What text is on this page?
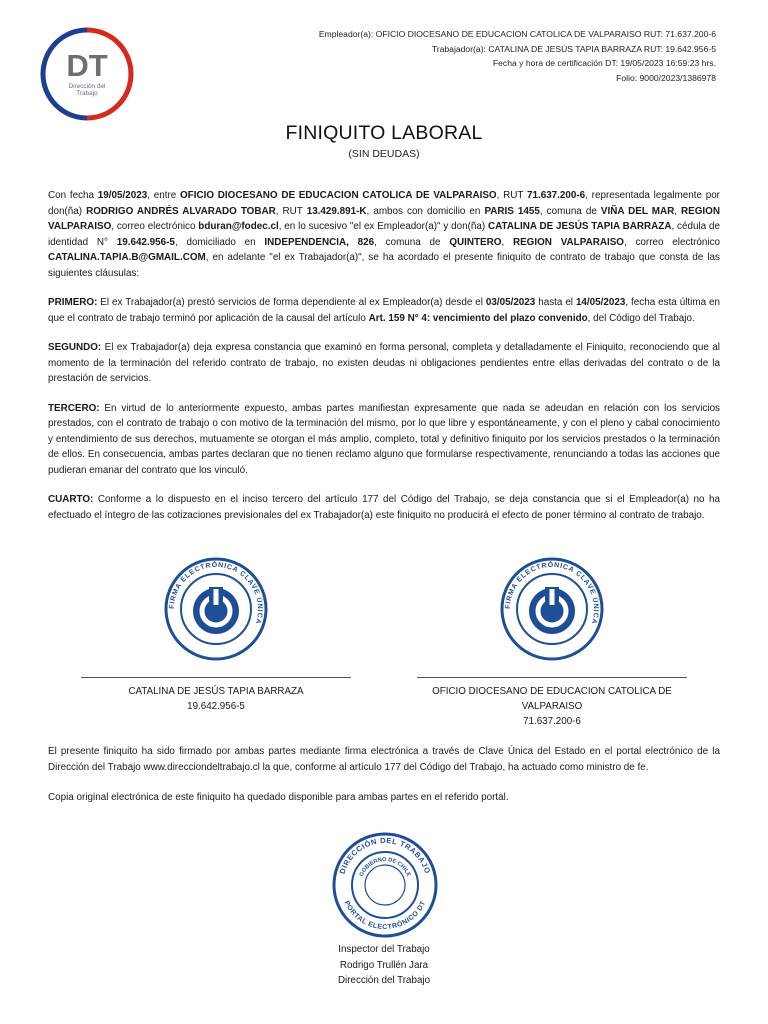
DT
Dirección del
Trabajo
Empleador(a): OFICIO DIOCESANO DE EDUCACION CATOLICA DE VALPARAISO RUT: 71.637.200-6
Trabajador(a): CATALINA DE JESÚS TAPIA BARRAZA RUT: 19.642.956-5
Fecha y hora de certificación DT: 19/05/2023 16:59:23 hrs.
Folio: 9000/2023/1386978
FINIQUITO LABORAL
(SIN DEUDAS)

Con fecha 19/05/2023, entre OFICIO DIOCESANO DE EDUCACION CATOLICA DE VALPARAISO, RUT 71.637.200-6, representada legalmente por don(ña) RODRIGO ANDRÉS ALVARADO TOBAR, RUT 13.429.891-K, ambos con domicilio en PARIS 1455, comuna de VIÑA DEL MAR, REGION VALPARAISO, correo electrónico bduran@fodec.cl, en lo sucesivo "el ex Empleador(a)" y don(ña) CATALINA DE JESÚS TAPIA BARRAZA, cédula de identidad N° 19.642.956-5, domiciliado en INDEPENDENCIA, 826, comuna de QUINTERO, REGION VALPARAISO, correo electrónico CATALINA.TAPIA.B@GMAIL.COM, en adelante "el ex Trabajador(a)", se ha acordado el presente finiquito de contrato de trabajo que consta de las siguientes cláusulas:

PRIMERO: El ex Trabajador(a) prestó servicios de forma dependiente al ex Empleador(a) desde el 03/05/2023 hasta el 14/05/2023, fecha esta última en que el contrato de trabajo terminó por aplicación de la causal del artículo Art. 159 N° 4: vencimiento del plazo convenido, del Código del Trabajo.

SEGUNDO: El ex Trabajador(a) deja expresa constancia que examinó en forma personal, completa y detalladamente el Finiquito, reconociendo que al momento de la terminación del referido contrato de trabajo, no existen deudas ni obligaciones pendientes entre ellas derivadas del contrato o de la prestación de servicios.

TERCERO: En virtud de lo anteriormente expuesto, ambas partes manifiestan expresamente que nada se adeudan en relación con los servicios prestados, con el contrato de trabajo o con motivo de la terminación del mismo, por lo que libre y espontáneamente, y con el pleno y cabal conocimiento y entendimiento de sus derechos, mutuamente se otorgan el más amplio, completo, total y definitivo finiquito por los servicios prestados o la terminación de ellos. En consecuencia, ambas partes declaran que no tienen reclamo alguno que formularse respectivamente, renunciando a todas las acciones que pudieran emanar del contrato que los vinculó.

CUARTO: Conforme a lo dispuesto en el inciso tercero del artículo 177 del Código del Trabajo, se deja constancia que si el Empleador(a) no ha efectuado el íntegro de las cotizaciones previsionales del ex Trabajador(a) este finiquito no producirá el efecto de poner término al contrato de trabajo.

FIRMA ELECTRÓNICA CLAVE ÚNICA
CATALINA DE JESÚS TAPIA BARRAZA
19.642.956-5
FIRMA ELECTRÓNICA CLAVE ÚNICA
OFICIO DIOCESANO DE EDUCACION CATOLICA DE VALPARAISO
71.637.200-6

El presente finiquito ha sido firmado por ambas partes mediante firma electrónica a través de Clave Única del Estado en el portal electrónico de la Dirección del Trabajo www.direcciondeltrabajo.cl la que, conforme al artículo 177 del Código del Trabajo, ha actuado como ministro de fe.

Copia original electrónica de este finiquito ha quedado disponible para ambas partes en el referido portal.

DIRECCIÓN DEL TRABAJO
PORTAL ELECTRÓNICO DT
GOBIERNO DE CHILE
Inspector del Trabajo
Rodrigo Trullén Jara
Dirección del Trabajo
